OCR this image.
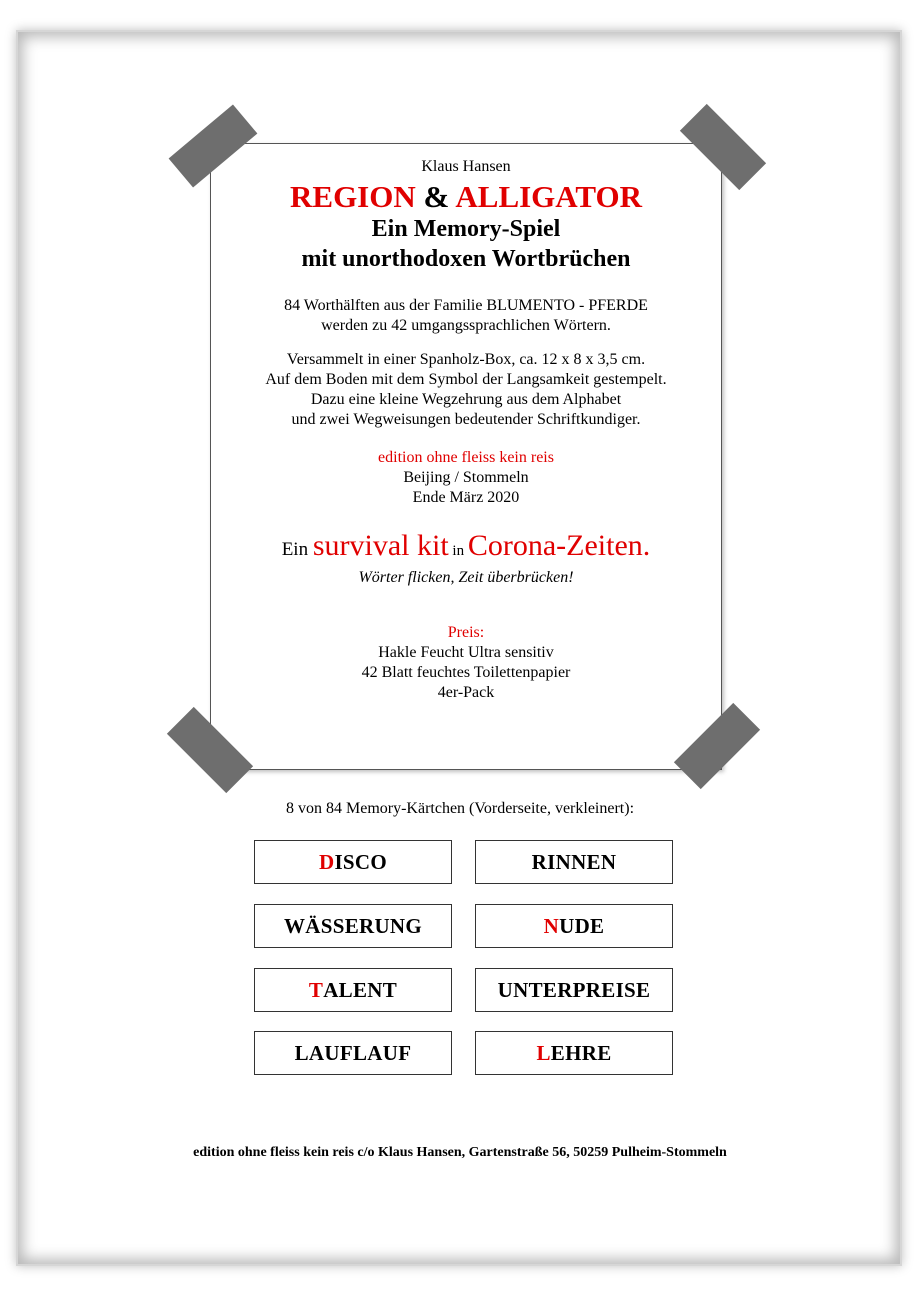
Klaus Hansen

REGION & ALLIGATOR

Ein Memory-Spiel

mit unorthodoxen Wortbrüchen

84 Worthälften aus der Familie BLUMENTO - PFERDE

werden zu 42 umgangssprachlichen Wörtern.

Versammelt in einer Spanholz-Box, ca. 12 x 8 x 3,5 cm.

Auf dem Boden mit dem Symbol der Langsamkeit gestempelt.

Dazu eine kleine Wegzehrung aus dem Alphabet

und zwei Wegweisungen bedeutender Schriftkundiger.

edition ohne fleiss kein reis

Beijing / Stommeln

Ende März 2020

Ein survival kit in Corona-Zeiten.

Wörter flicken, Zeit überbrücken!

Preis:

Hakle Feucht Ultra sensitiv

42 Blatt feuchtes Toilettenpapier

4er-Pack

8 von 84 Memory-Kärtchen (Vorderseite, verkleinert):

D ISCO	RINNEN
WÄSSERUNG	N UDE
T ALENT	UNTERPREISE
LAUFLAUF	L EHRE

edition ohne fleiss kein reis c/o Klaus Hansen, Gartenstraße 56, 50259 Pulheim-Stommeln
